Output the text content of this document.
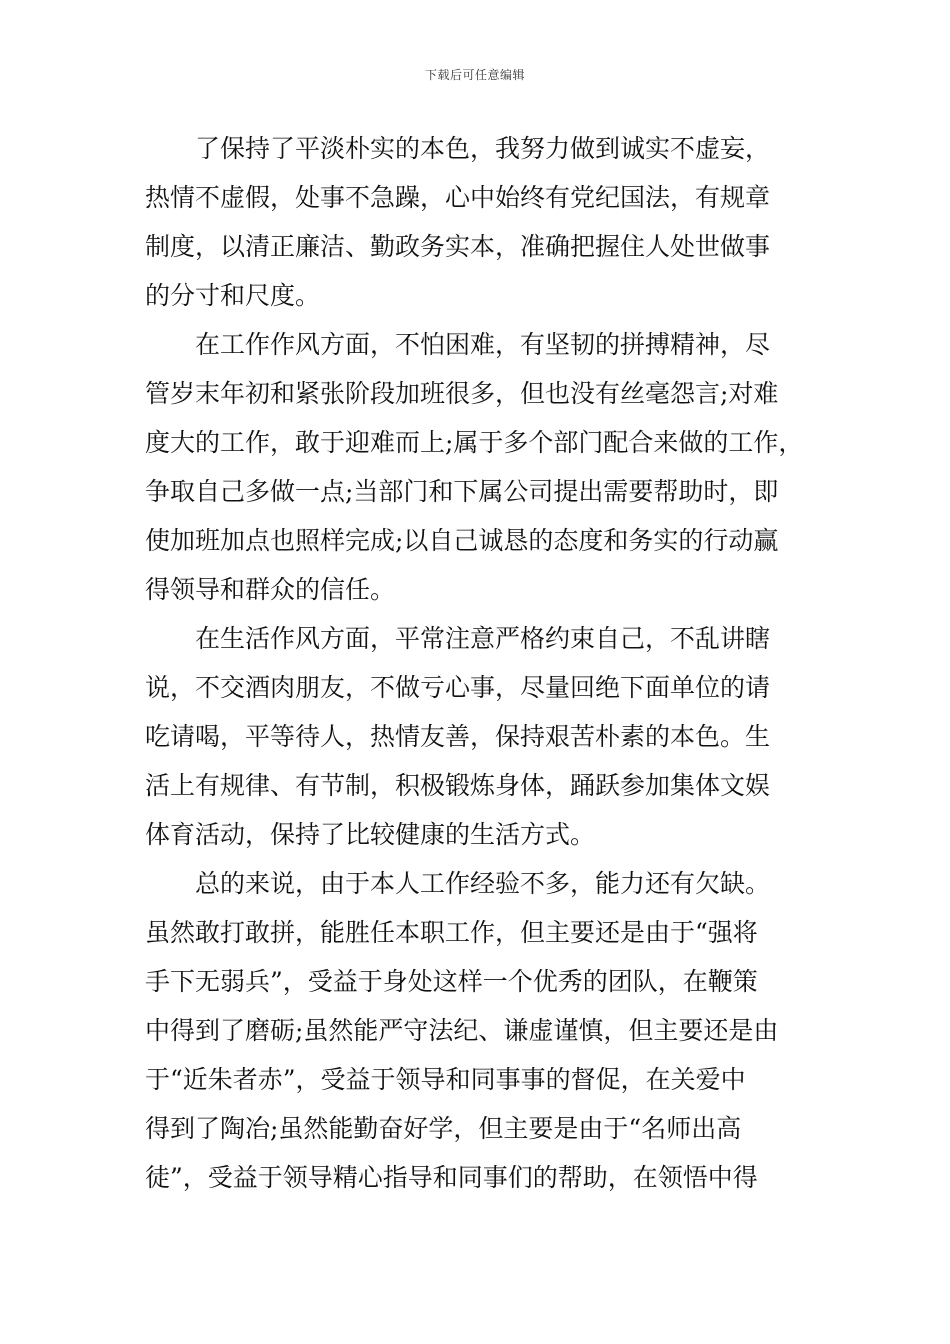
下载后可任意编辑
　　了保持了平淡朴实的本色，我努力做到诚实不虚妄，
热情不虚假，处事不急躁，心中始终有党纪国法，有规章
制度，以清正廉洁、勤政务实本，准确把握住人处世做事
的分寸和尺度。
　　在工作作风方面，不怕困难，有坚韧的拼搏精神，尽
管岁末年初和紧张阶段加班很多，但也没有丝毫怨言;对难
度大的工作，敢于迎难而上;属于多个部门配合来做的工作，
争取自己多做一点;当部门和下属公司提出需要帮助时，即
使加班加点也照样完成;以自己诚恳的态度和务实的行动赢
得领导和群众的信任。
　　在生活作风方面，平常注意严格约束自己，不乱讲瞎
说，不交酒肉朋友，不做亏心事，尽量回绝下面单位的请
吃请喝，平等待人，热情友善，保持艰苦朴素的本色。生
活上有规律、有节制，积极锻炼身体，踊跃参加集体文娱
体育活动，保持了比较健康的生活方式。
　　总的来说，由于本人工作经验不多，能力还有欠缺。
虽然敢打敢拼，能胜任本职工作，但主要还是由于“强将
手下无弱兵”，受益于身处这样一个优秀的团队，在鞭策
中得到了磨砺;虽然能严守法纪、谦虚谨慎，但主要还是由
于“近朱者赤”，受益于领导和同事事的督促，在关爱中
得到了陶冶;虽然能勤奋好学，但主要是由于“名师出高
徒”，受益于领导精心指导和同事们的帮助，在领悟中得
